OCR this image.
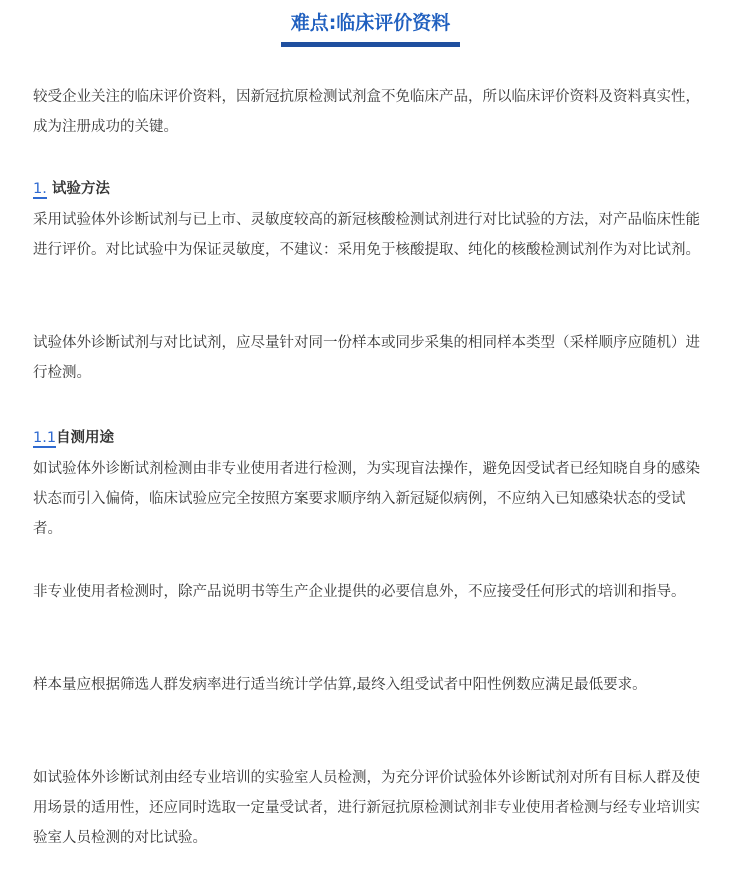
难点:临床评价资料

较受企业关注的临床评价资料，因新冠抗原检测试剂盒不免临床产品，所以临床评价资料及资料真实性，成为注册成功的关键。

1. 试验方法

采用试验体外诊断试剂与已上市、灵敏度较高的新冠核酸检测试剂进行对比试验的方法，对产品临床性能进行评价。对比试验中为保证灵敏度，不建议：采用免于核酸提取、纯化的核酸检测试剂作为对比试剂。

试验体外诊断试剂与对比试剂，应尽量针对同一份样本或同步采集的相同样本类型（采样顺序应随机）进行检测。

1.1自测用途

如试验体外诊断试剂检测由非专业使用者进行检测，为实现盲法操作，避免因受试者已经知晓自身的感染状态而引入偏倚，临床试验应完全按照方案要求顺序纳入新冠疑似病例，不应纳入已知感染状态的受试者。

非专业使用者检测时，除产品说明书等生产企业提供的必要信息外，不应接受任何形式的培训和指导。

样本量应根据筛选人群发病率进行适当统计学估算,最终入组受试者中阳性例数应满足最低要求。

如试验体外诊断试剂由经专业培训的实验室人员检测，为充分评价试验体外诊断试剂对所有目标人群及使用场景的适用性，还应同时选取一定量受试者，进行新冠抗原检测试剂非专业使用者检测与经专业培训实验室人员检测的对比试验。
